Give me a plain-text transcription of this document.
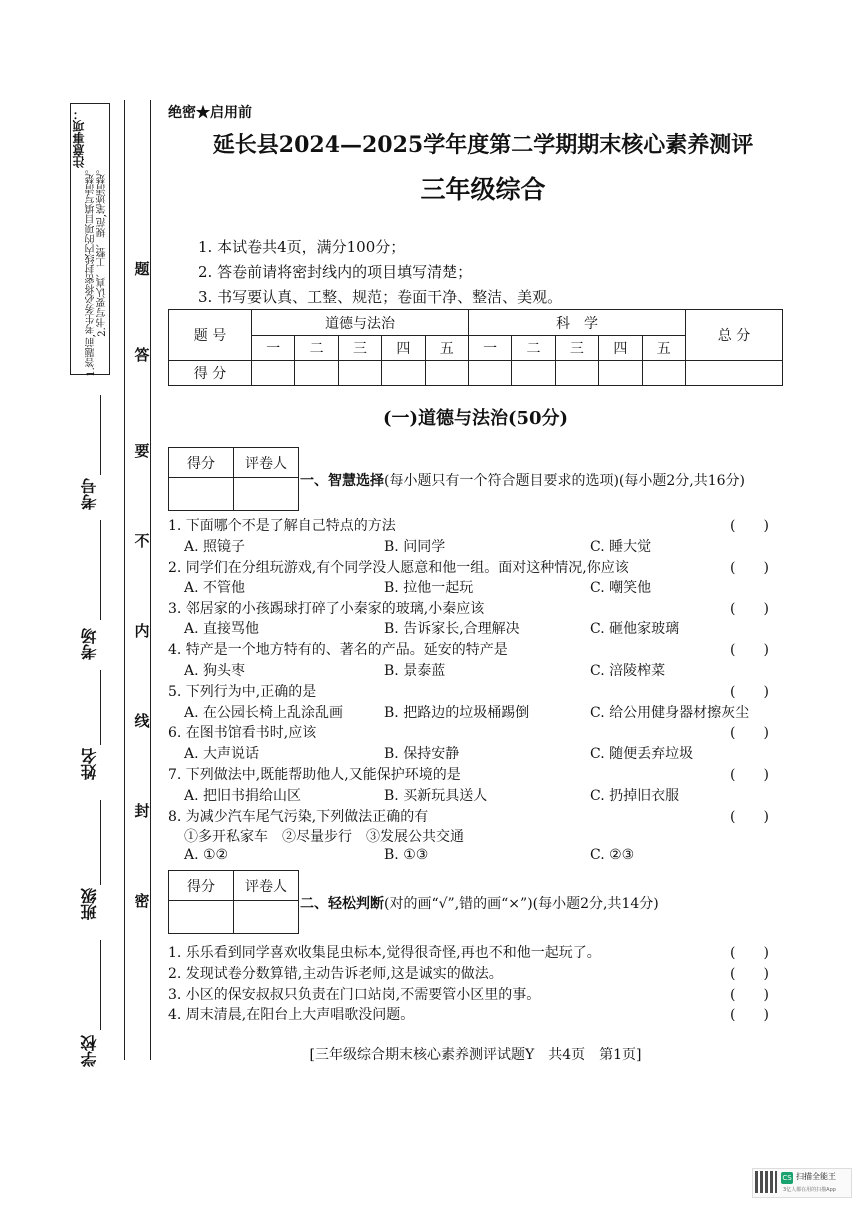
注意事项：
1.答题前,考生务必将密封线内的项目填写清楚。 2.书写要认真、工整、规范,笔迹清楚。 题
答
要
不
内
线
封
密
考号
考场
姓名
班级
学校
绝密★启用前
延长县2024—2025学年度第二学期期末核心素养测评
三年级综合
1. 本试卷共4页，满分100分；
2. 答卷前请将密封线内的项目填写清楚；
3. 书写要认真、工整、规范；卷面干净、整洁、美观。
题 号	道德与法治					科　学					总 分
	一	二	三	四	五	一	二	三	四	五	
得 分											
(一)道德与法治(50分)
得分	评卷人

一、智慧选择(每小题只有一个符合题目要求的选项)(每小题2分,共16分)
1. 下面哪个不是了解自己特点的方法	(　　)
A. 照镜子	B. 问同学	C. 睡大觉
2. 同学们在分组玩游戏,有个同学没人愿意和他一组。面对这种情况,你应该	(　　)
A. 不管他	B. 拉他一起玩	C. 嘲笑他
3. 邻居家的小孩踢球打碎了小秦家的玻璃,小秦应该	(　　)
A. 直接骂他	B. 告诉家长,合理解决	C. 砸他家玻璃
4. 特产是一个地方特有的、著名的产品。延安的特产是	(　　)
A. 狗头枣	B. 景泰蓝	C. 涪陵榨菜
5. 下列行为中,正确的是	(　　)
A. 在公园长椅上乱涂乱画	B. 把路边的垃圾桶踢倒	C. 给公用健身器材擦灰尘
6. 在图书馆看书时,应该	(　　)
A. 大声说话	B. 保持安静	C. 随便丢弃垃圾
7. 下列做法中,既能帮助他人,又能保护环境的是	(　　)
A. 把旧书捐给山区	B. 买新玩具送人	C. 扔掉旧衣服
8. 为减少汽车尾气污染,下列做法正确的有	(　　)
①多开私家车　②尽量步行　③发展公共交通
A. ①②	B. ①③	C. ②③
得分	评卷人

二、轻松判断(对的画“√”,错的画“×”)(每小题2分,共14分)
1. 乐乐看到同学喜欢收集昆虫标本,觉得很奇怪,再也不和他一起玩了。	(　　)
2. 发现试卷分数算错,主动告诉老师,这是诚实的做法。	(　　)
3. 小区的保安叔叔只负责在门口站岗,不需要管小区里的事。	(　　)
4. 周末清晨,在阳台上大声唱歌没问题。	(　　)
[三年级综合期末核心素养测评试题Y　共4页　第1页]
CS 扫描全能王
3亿人都在用的扫描App
